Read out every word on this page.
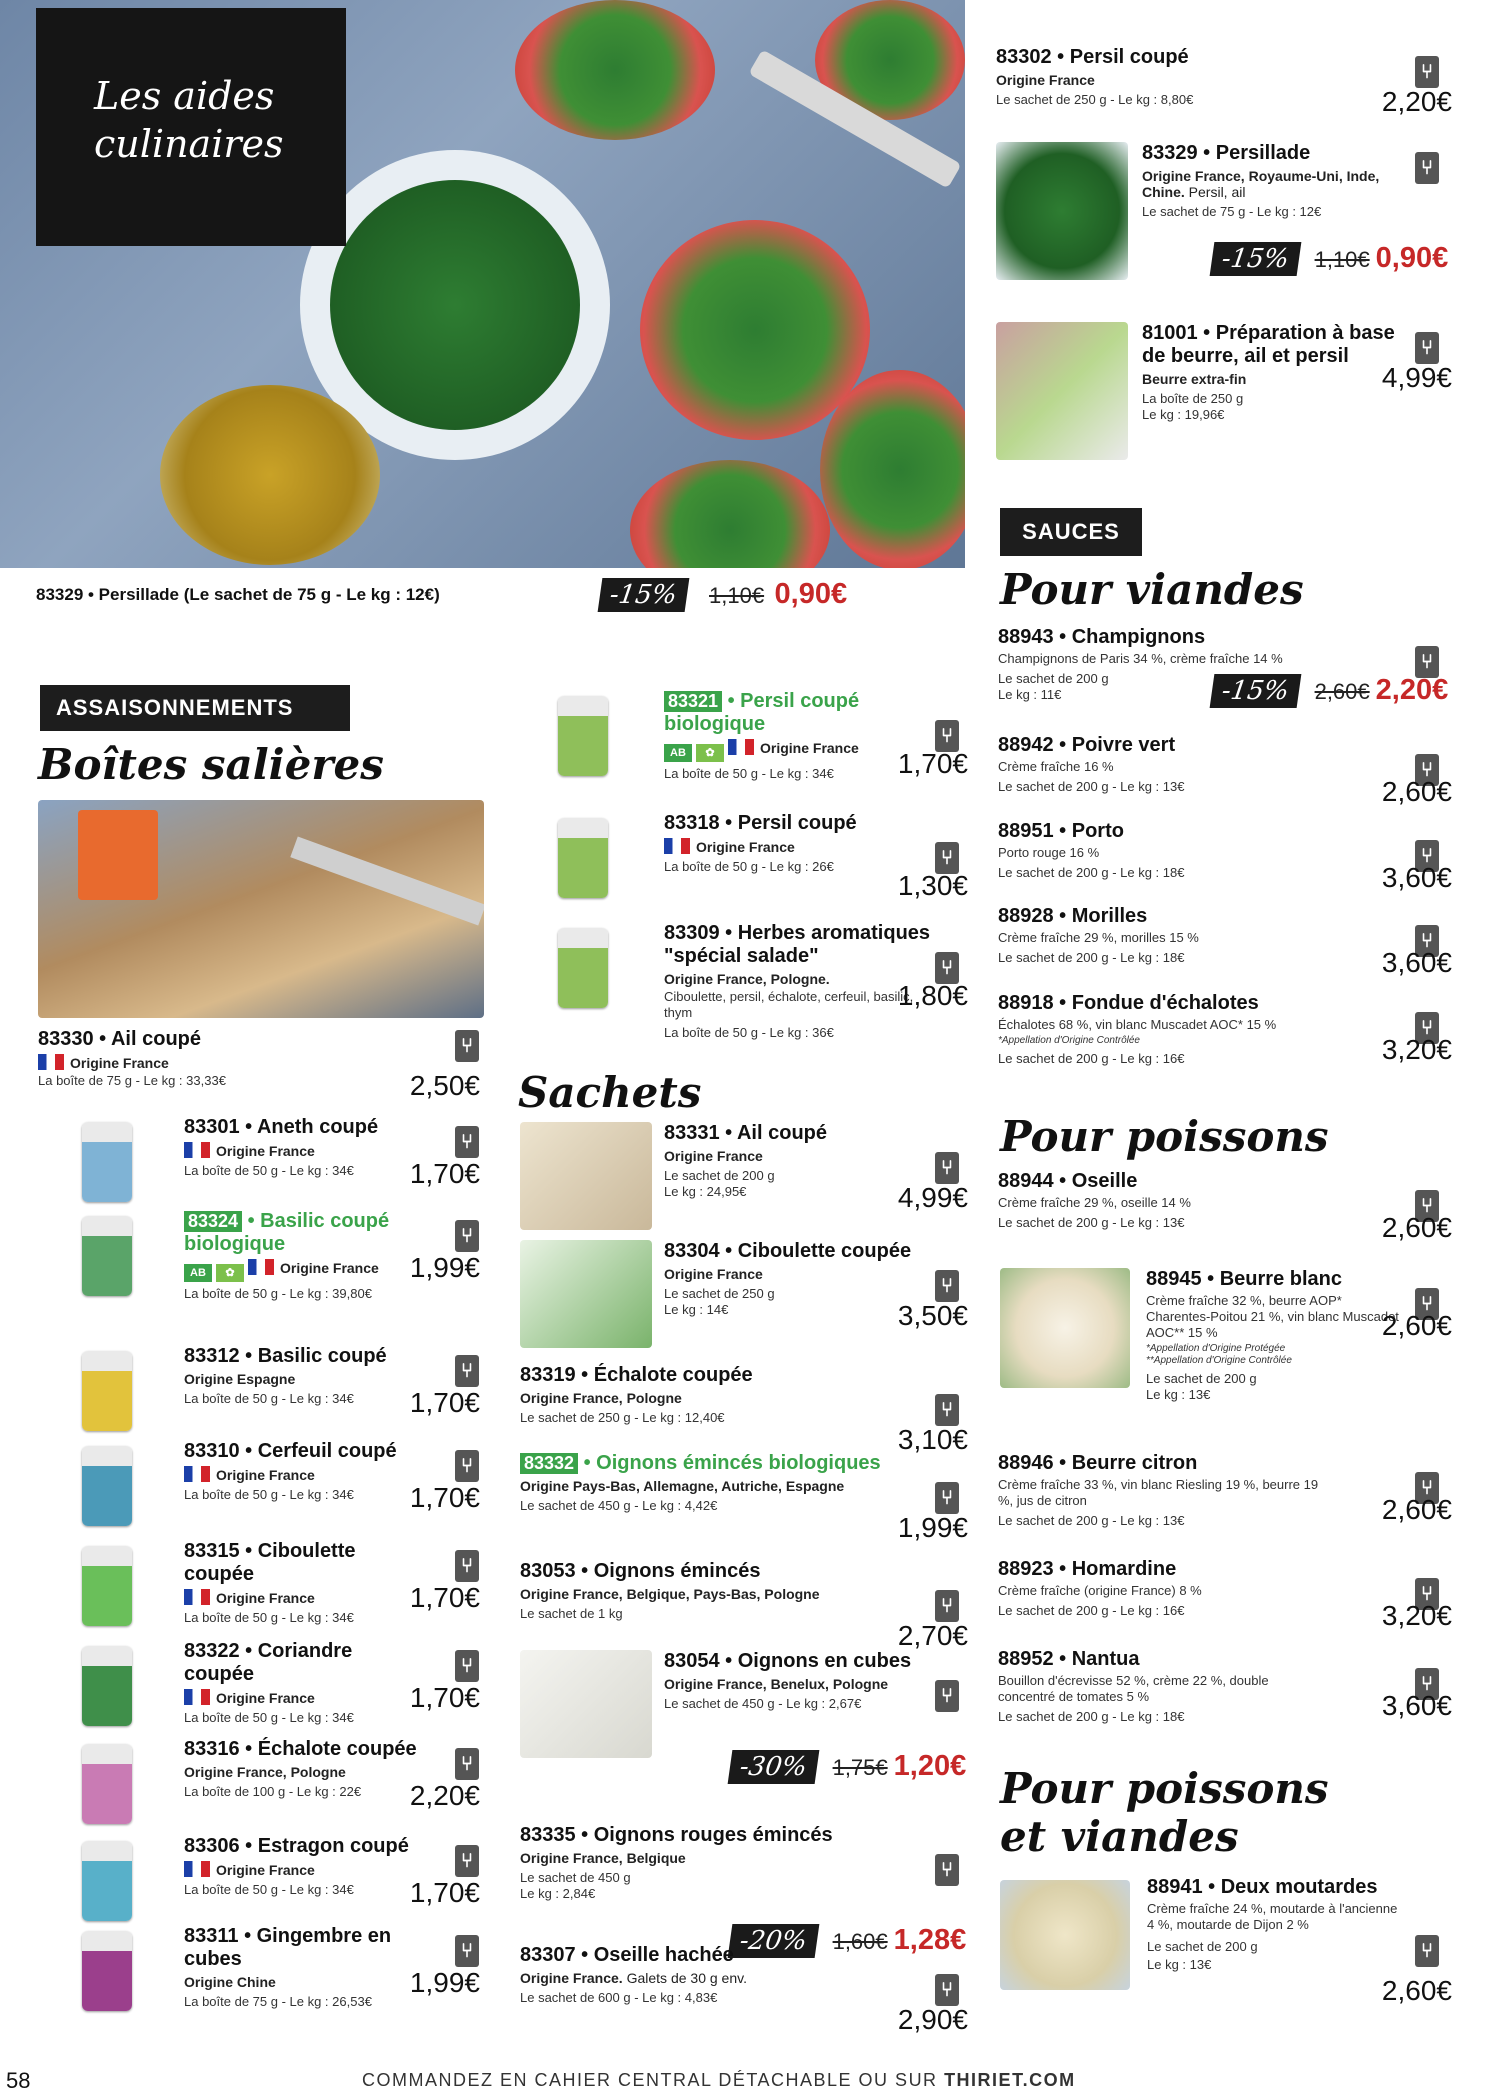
Les aides
culinaires
83329 • Persillade (Le sachet de 75 g - Le kg : 12€)	-15% 1,10€ 0,90€
ASSAISONNEMENTS
Boîtes salières
83330 • Ail coupé
Origine France
La boîte de 75 g - Le kg : 33,33€
⑂
2,50€
83301 • Aneth coupé
Origine France
La boîte de 50 g - Le kg : 34€
⑂
1,70€
83324 • Basilic coupé biologique
AB ✿	Origine France
La boîte de 50 g - Le kg : 39,80€
⑂
1,99€
83312 • Basilic coupé
Origine Espagne
La boîte de 50 g - Le kg : 34€
⑂
1,70€
83310 • Cerfeuil coupé
Origine France
La boîte de 50 g - Le kg : 34€
⑂
1,70€
83315 • Ciboulette coupée
Origine France
La boîte de 50 g - Le kg : 34€
⑂
1,70€
83322 • Coriandre coupée
Origine France
La boîte de 50 g - Le kg : 34€
⑂
1,70€
83316 • Échalote coupée
Origine France, Pologne
La boîte de 100 g - Le kg : 22€
⑂
2,20€
83306 • Estragon coupé
Origine France
La boîte de 50 g - Le kg : 34€
⑂
1,70€
83311 • Gingembre en cubes
Origine Chine
La boîte de 75 g - Le kg : 26,53€
⑂
1,99€
83321 • Persil coupé biologique
AB ✿	Origine France
La boîte de 50 g - Le kg : 34€
⑂
1,70€
83318 • Persil coupé
Origine France
La boîte de 50 g - Le kg : 26€	⑂
1,30€
83309 • Herbes aromatiques "spécial salade"
Origine France, Pologne.
Ciboulette, persil, échalote, cerfeuil, basilic, thym
La boîte de 50 g - Le kg : 36€
⑂
1,80€
Sachets
83331 • Ail coupé
Origine France
Le sachet de 200 g
Le kg : 24,95€
⑂
4,99€
83304 • Ciboulette coupée
Origine France
Le sachet de 250 g
Le kg : 14€
⑂
3,50€
83319 • Échalote coupée
Origine France, Pologne
Le sachet de 250 g - Le kg : 12,40€	⑂
3,10€
83332 • Oignons émincés biologiques
Origine Pays-Bas, Allemagne, Autriche, Espagne
Le sachet de 450 g - Le kg : 4,42€	⑂
1,99€
83053 • Oignons émincés
Origine France, Belgique, Pays-Bas, Pologne
Le sachet de 1 kg	⑂
2,70€
83054 • Oignons en cubes
Origine France, Benelux, Pologne
Le sachet de 450 g - Le kg : 2,67€	⑂
-30% 1,75€ 1,20€
83335 • Oignons rouges émincés
Origine France, Belgique
Le sachet de 450 g
Le kg : 2,84€
⑂
-20% 1,60€ 1,28€
83307 • Oseille hachée
Origine France. Galets de 30 g env.
Le sachet de 600 g - Le kg : 4,83€	⑂
2,90€
83302 • Persil coupé
Origine France
Le sachet de 250 g - Le kg : 8,80€
⑂
2,20€
83329 • Persillade
Origine France, Royaume-Uni, Inde, Chine. Persil, ail
Le sachet de 75 g - Le kg : 12€
⑂
-15% 1,10€ 0,90€
81001 • Préparation à base de beurre, ail et persil
Beurre extra-fin
La boîte de 250 g
Le kg : 19,96€
⑂
4,99€
SAUCES
Pour viandes
Pour poissons
Pour poissons
et viandes
88943 • Champignons
Champignons de Paris 34 %, crème fraîche 14 %
Le sachet de 200 g
Le kg : 11€
⑂
-15% 2,60€ 2,20€
88942 • Poivre vert
Crème fraîche 16 %
Le sachet de 200 g - Le kg : 13€
⑂
2,60€
88951 • Porto
Porto rouge 16 %
Le sachet de 200 g - Le kg : 18€
⑂
3,60€
88928 • Morilles
Crème fraîche 29 %, morilles 15 %
Le sachet de 200 g - Le kg : 18€
⑂
3,60€
88918 • Fondue d'échalotes
Échalotes 68 %, vin blanc Muscadet AOC* 15 %
*Appellation d'Origine Contrôlée
Le sachet de 200 g - Le kg : 16€
⑂
3,20€
88944 • Oseille
Crème fraîche 29 %, oseille 14 %
Le sachet de 200 g - Le kg : 13€
⑂
2,60€
88945 • Beurre blanc
Crème fraîche 32 %, beurre AOP* Charentes-Poitou 21 %, vin blanc Muscadet AOC** 15 %
*Appellation d'Origine Protégée
**Appellation d'Origine Contrôlée
Le sachet de 200 g
Le kg : 13€
⑂
2,60€
88946 • Beurre citron
Crème fraîche 33 %, vin blanc Riesling 19 %, beurre 19 %, jus de citron
Le sachet de 200 g - Le kg : 13€
⑂
2,60€
88923 • Homardine
Crème fraîche (origine France) 8 %
Le sachet de 200 g - Le kg : 16€
⑂
3,20€
88952 • Nantua
Bouillon d'écrevisse 52 %, crème 22 %, double concentré de tomates 5 %
Le sachet de 200 g - Le kg : 18€
⑂
3,60€
88941 • Deux moutardes
Crème fraîche 24 %, moutarde à l'ancienne 4 %, moutarde de Dijon 2 %
Le sachet de 200 g
Le kg : 13€
⑂
2,60€
58	COMMANDEZ EN CAHIER CENTRAL DÉTACHABLE OU SUR THIRIET.COM
